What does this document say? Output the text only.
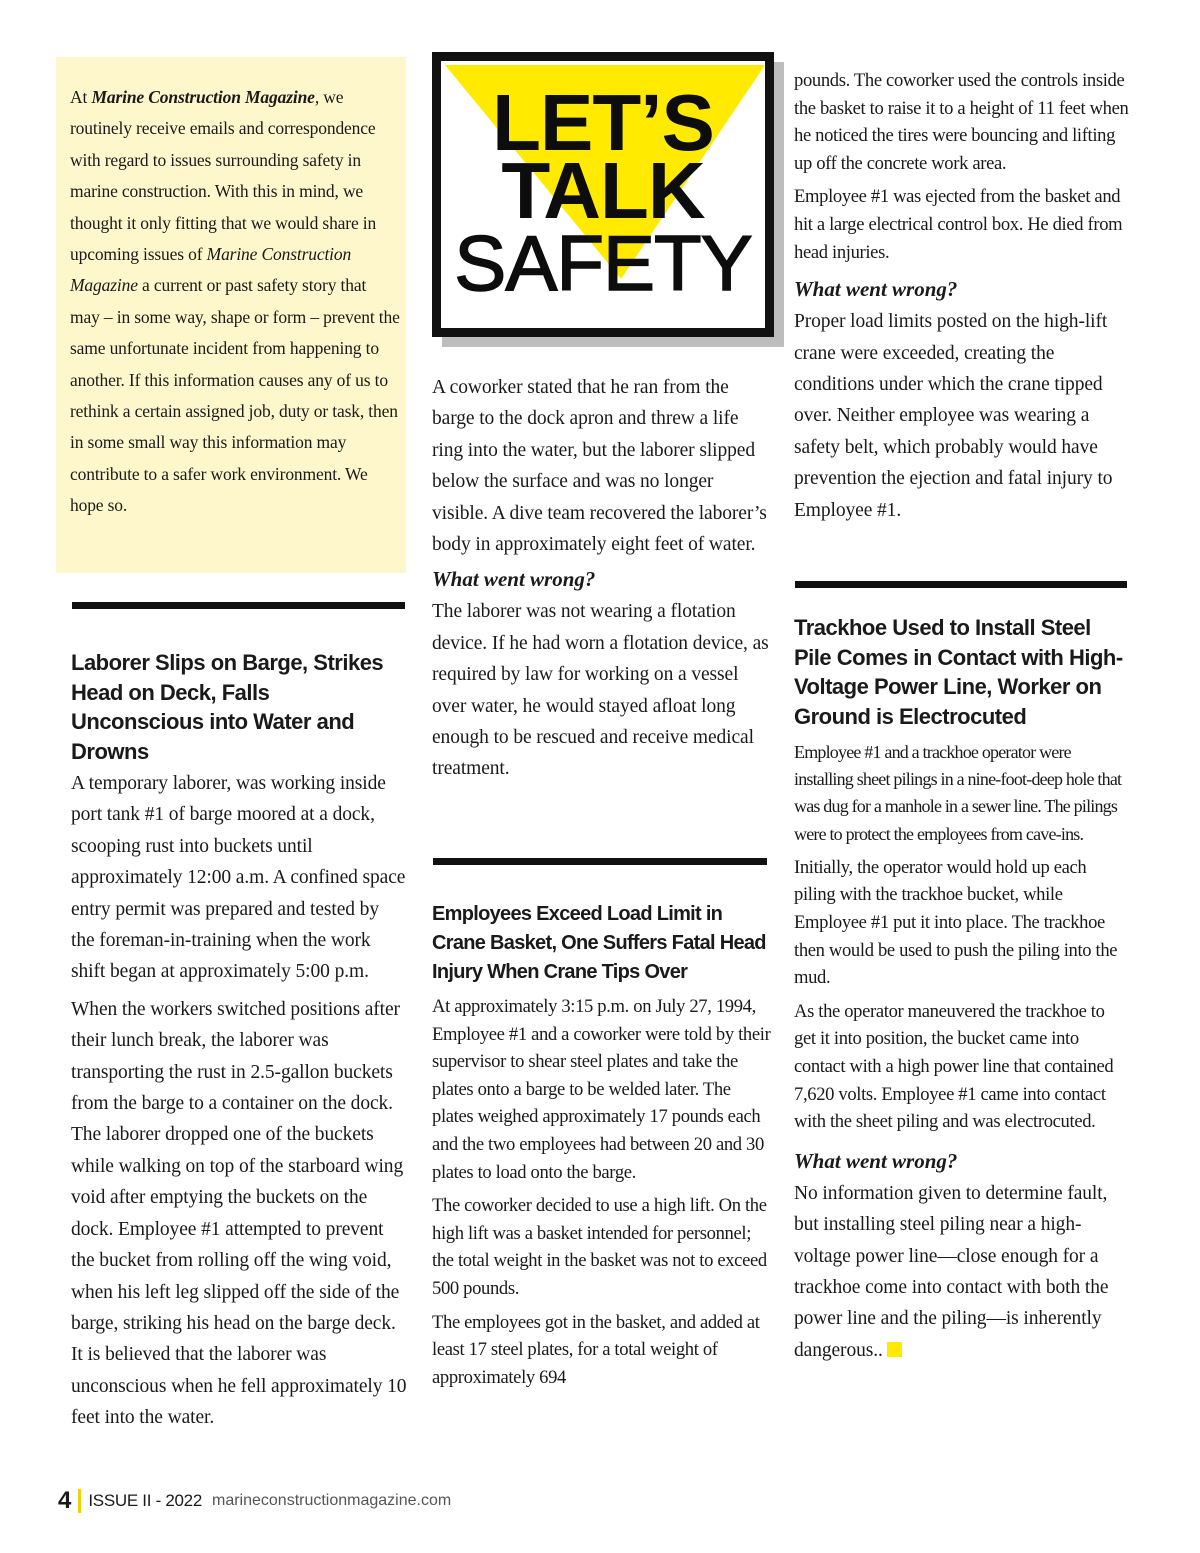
At Marine Construction Magazine, we routinely receive emails and correspondence with regard to issues surrounding safety in marine construction. With this in mind, we thought it only fitting that we would share in upcoming issues of Marine Construction Magazine a current or past safety story that may – in some way, shape or form – prevent the same unfortunate incident from happening to another. If this information causes any of us to rethink a certain assigned job, duty or task, then in some small way this information may contribute to a safer work environment. We hope so.

LET’S
TALK
SAFETY
Laborer Slips on Barge, Strikes Head on Deck, Falls Unconscious into Water and Drowns

A temporary laborer, was working inside port tank #1 of barge moored at a dock, scooping rust into buckets until approximately 12:00 a.m. A confined space entry permit was prepared and tested by the foreman-in-training when the work shift began at approximately 5:00 p.m.

When the workers switched positions after their lunch break, the laborer was transporting the rust in 2.5-gallon buckets from the barge to a container on the dock. The laborer dropped one of the buckets while walking on top of the starboard wing void after emptying the buckets on the dock. Employee #1 attempted to prevent the bucket from rolling off the wing void, when his left leg slipped off the side of the barge, striking his head on the barge deck. It is believed that the laborer was unconscious when he fell approximately 10 feet into the water.

A coworker stated that he ran from the barge to the dock apron and threw a life ring into the water, but the laborer slipped below the surface and was no longer visible. A dive team recovered the laborer’s body in approximately eight feet of water.

What went wrong?

The laborer was not wearing a flotation device. If he had worn a flotation device, as required by law for working on a vessel over water, he would stayed afloat long enough to be rescued and receive medical treatment.

Employees Exceed Load Limit in Crane Basket, One Suffers Fatal Head Injury When Crane Tips Over

At approximately 3:15 p.m. on July 27, 1994, Employee #1 and a coworker were told by their supervisor to shear steel plates and take the plates onto a barge to be welded later. The plates weighed approximately 17 pounds each and the two employees had between 20 and 30 plates to load onto the barge.

The coworker decided to use a high lift. On the high lift was a basket intended for personnel; the total weight in the basket was not to exceed 500 pounds.

The employees got in the basket, and added at least 17 steel plates, for a total weight of approximately 694

pounds. The coworker used the controls inside the basket to raise it to a height of 11 feet when he noticed the tires were bouncing and lifting up off the concrete work area.

Employee #1 was ejected from the basket and hit a large electrical control box. He died from head injuries.

What went wrong?

Proper load limits posted on the high-lift crane were exceeded, creating the conditions under which the crane tipped over. Neither employee was wearing a safety belt, which probably would have prevention the ejection and fatal injury to Employee #1.

Trackhoe Used to Install Steel Pile Comes in Contact with High-Voltage Power Line, Worker on Ground is Electrocuted

Employee #1 and a trackhoe operator were installing sheet pilings in a nine-foot-deep hole that was dug for a manhole in a sewer line. The pilings were to protect the employees from cave-ins.

Initially, the operator would hold up each piling with the trackhoe bucket, while Employee #1 put it into place. The trackhoe then would be used to push the piling into the mud.

As the operator maneuvered the trackhoe to get it into position, the bucket came into contact with a high power line that contained 7,620 volts. Employee #1 came into contact with the sheet piling and was electrocuted.

What went wrong?

No information given to determine fault, but installing steel piling near a high-voltage power line—close enough for a trackhoe come into contact with both the power line and the piling—is inherently dangerous..

4 ISSUE II - 2022 marineconstructionmagazine.com
